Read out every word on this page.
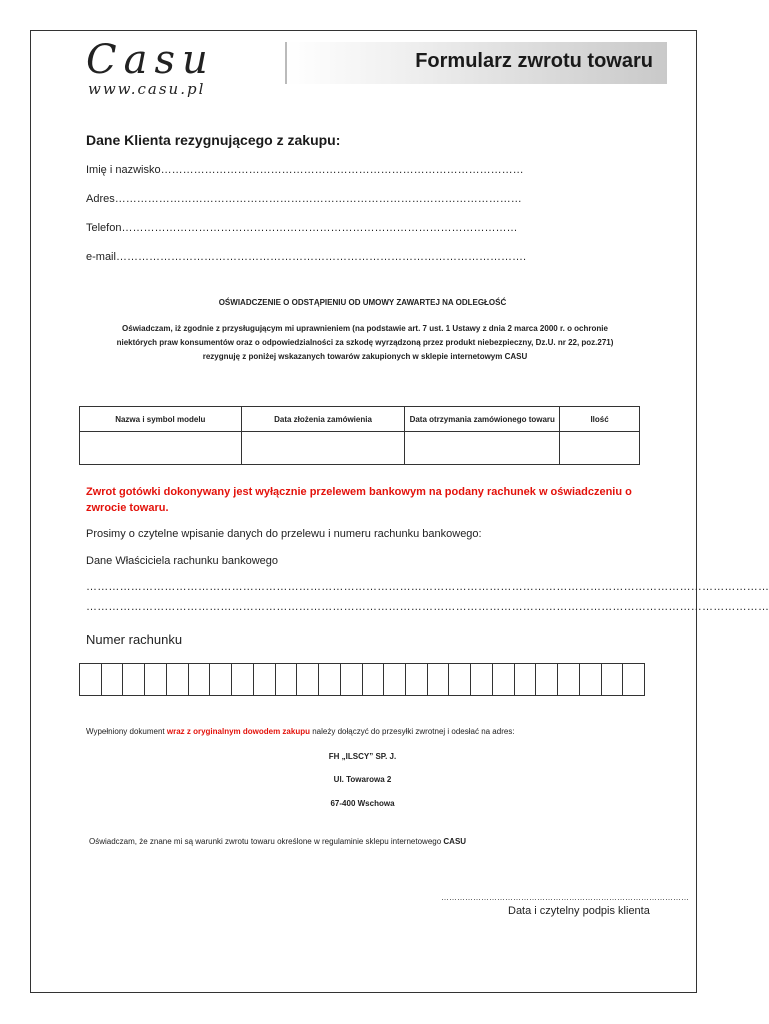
Casu
www.casu.pl
Formularz zwrotu towaru
Dane Klienta rezygnującego z zakupu:
Imię i nazwisko………………………………………………………………………………………
Adres…………………………………………………………………………………………………
Telefon………………………………………………………………………………………………
e-mail………………………………………………………………………………………………….
OŚWIADCZENIE O ODSTĄPIENIU OD UMOWY ZAWARTEJ NA ODLEGŁOŚĆ
Oświadczam, iż zgodnie z przysługującym mi uprawnieniem (na podstawie art. 7 ust. 1 Ustawy z dnia 2 marca 2000 r. o ochronie
niektórych praw konsumentów oraz o odpowiedzialności za szkodę wyrządzoną przez produkt niebezpieczny, Dz.U. nr 22, poz.271)
rezygnuję z poniżej wskazanych towarów zakupionych w sklepie internetowym CASU
Nazwa i symbol modelu	Data złożenia zamówienia	Data otrzymania zamówionego towaru	Ilość

Zwrot gotówki dokonywany jest wyłącznie przelewem bankowym na podany rachunek w oświadczeniu o zwrocie towaru.
Prosimy o czytelne wpisanie danych do przelewu i numeru rachunku bankowego:
Dane Właściciela rachunku bankowego
…………………………………………………………………………………………………………………………………………………………………
…………………………………………………………………………………………………………………………………………………………………
Numer rachunku
Wypełniony dokument wraz z oryginalnym dowodem zakupu należy dołączyć do przesyłki zwrotnej i odesłać na adres:
FH „ILSCY” SP. J.
Ul. Towarowa 2
67-400 Wschowa
Oświadczam, że znane mi są warunki zwrotu towaru określone w regulaminie sklepu internetowego CASU
…………………………………………………………………………………
Data i czytelny podpis klienta
